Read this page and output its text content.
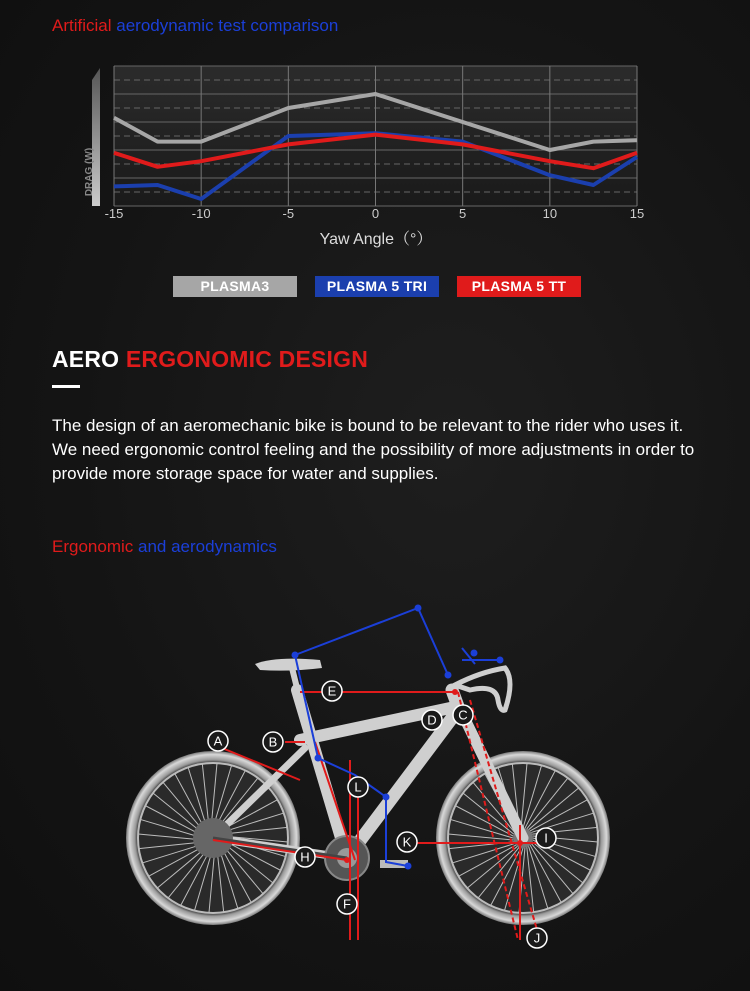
Artificial aerodynamic test comparison
DRAG (W)
-15	-10	-5	0	5	10	15
Yaw Angle（°）
PLASMA3	PLASMA 5 TRI	PLASMA 5 TT
AERO ERGONOMIC DESIGN
The design of an aeromechanic bike is bound to be relevant to the rider who uses it. We need ergonomic control feeling and the possibility of more adjustments in order to provide more storage space for water and supplies.
Ergonomic and aerodynamics
A	B
C
D
E
F
H
I
J
K
L
